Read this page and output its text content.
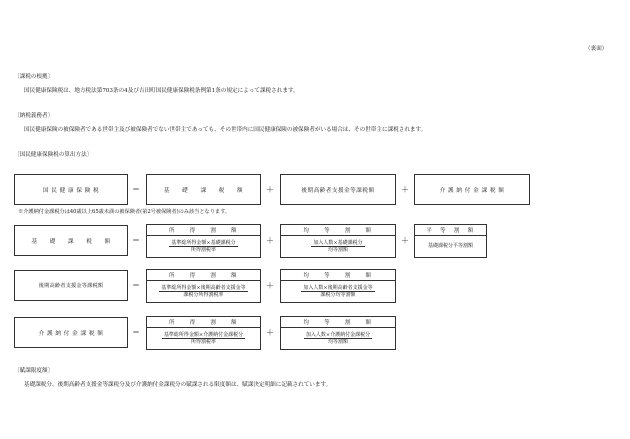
（裏面）
〔課税の根拠〕
国民健康保険税は、地方税法第703条の4及び吉田町国民健康保険税条例第1条の規定によって課税されます。
〔納税義務者〕
国民健康保険の被保険者である世帯主及び被保険者でない世帯主であっても、その世帯内に国民健康保険の被保険者がいる場合は、その世帯主に課税されます。
〔国民健康保険税の算出方法〕
国 民 健 康 保 険 税	＝	基　　礎　　課　　税　　額	＋	後期高齢者支援金等課税額	＋	介 護 納 付 金 課 税 額
※介護納付金課税分は40歳以上65歳未満の被保険者(第2号被保険者)のみ該当となります。
基　　礎　　課　　税　　額	＝
所　　得　　割　　額
$\frac{\text{基準総所得金額×基礎課税分}}{\text{所得割税率}}$ ＋
均　　等　　割　　額
$\frac{\text{加入人数×基礎課税分}}{\text{均等割額}}$ ＋
平　等　割　額
基礎課税分平等割額
後期高齢者支援金等課税額	＝
所　　得　　割　　額
$\frac{\text{基準総所得金額×後期高齢者支援金等}}{\text{課税分所得割税率}}$ ＋
均　　等　　割　　額
$\frac{\text{加入人数×後期高齢者支援金等}}{\text{課税分均等割額}}$
介 護 納 付 金 課 税 額	＝
所　　得　　割　　額
$\frac{\text{基準総所得金額×介護納付金課税分}}{\text{所得割税率}}$ ＋
均　　等　　割　　額
$\frac{\text{加入人数×介護納付金課税分}}{\text{均等割額}}$
〔賦課限度額〕
基礎課税分、後期高齢者支援金等課税分及び介護納付金課税分の賦課される限度額は、賦課決定明細に記載されています。
